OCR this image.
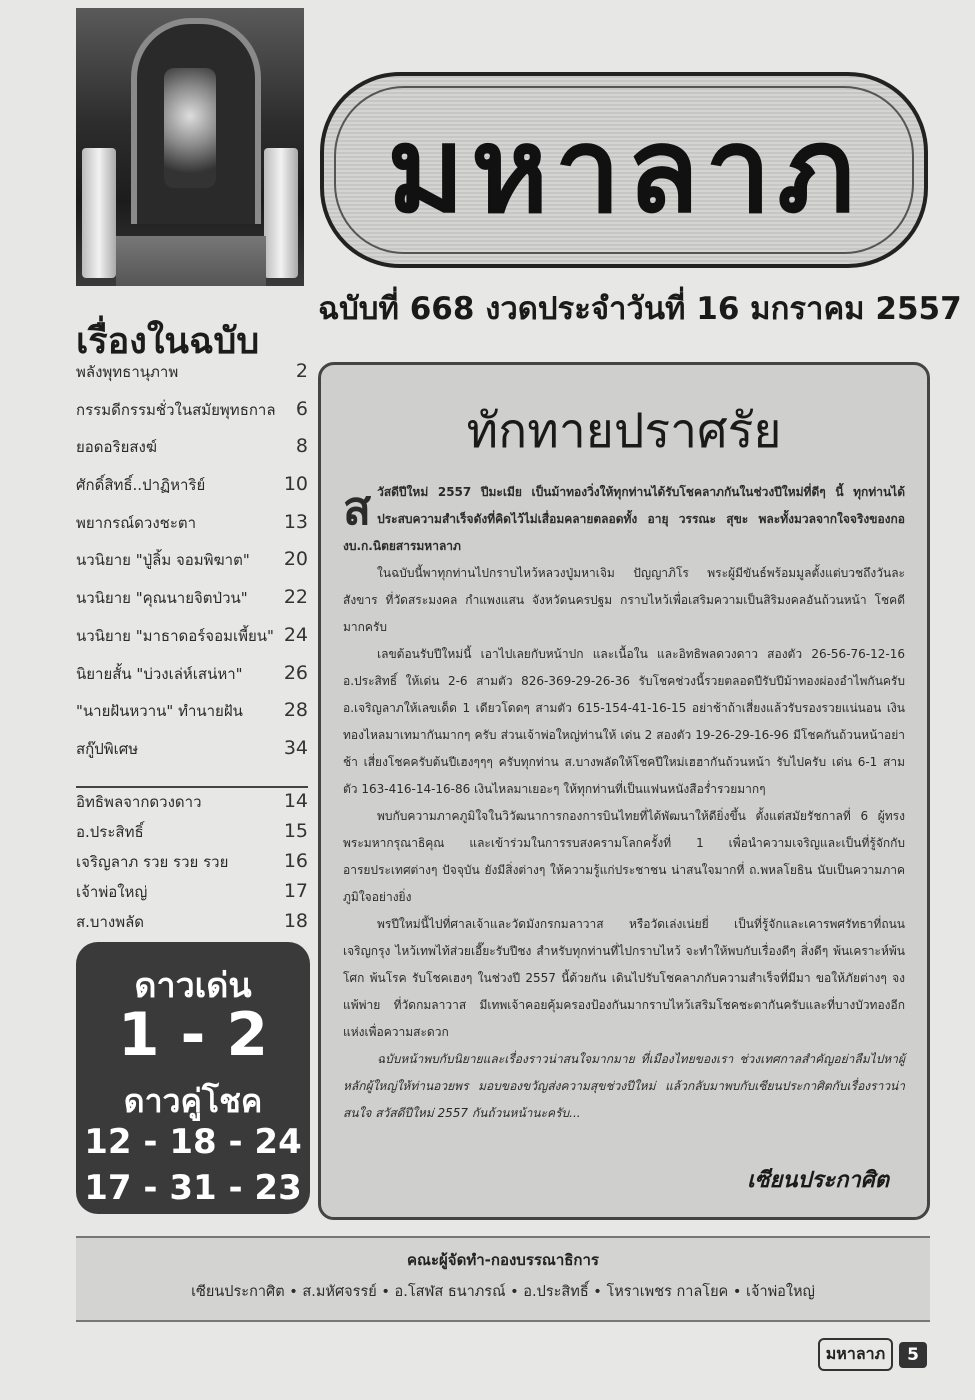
มหาลาภ
ฉบับที่ 668 งวดประจำวันที่ 16 มกราคม 2557
เรื่องในฉบับ
พลังพุทธานุภาพ	2
กรรมดีกรรมชั่วในสมัยพุทธกาล 6
ยอดอริยสงฆ์	8
ศักดิ์สิทธิ์..ปาฏิหาริย์	10
พยากรณ์ดวงชะตา	13
นวนิยาย "ปู่ลิ้ม จอมพิฆาต" 20
นวนิยาย "คุณนายจิตป่วน" 22
นวนิยาย "มาธาดอร์จอมเพี้ยน" 24
นิยายสั้น "บ่วงเล่ห์เสน่หา" 26
"นายฝันหวาน" ทำนายฝัน 28
สกู๊ปพิเศษ	34
อิทธิพลจากดวงดาว	14
อ.ประสิทธิ์	15
เจริญลาภ รวย รวย รวย	16
เจ้าพ่อใหญ่	17
ส.บางพลัด	18
ดาวเด่น
1 - 2
ดาวคู่โชค
12 - 18 - 24
17 - 31 - 23
ทักทายปราศรัย

สวัสดีปีใหม่ 2557 ปีมะเมีย เป็นม้าทองวิ่งให้ทุกท่านได้รับโชคลาภกันในช่วงปีใหม่ที่ดีๆ นี้ ทุกท่านได้ประสบความสำเร็จดังที่คิดไว้ไม่เสื่อมคลายตลอดทั้ง อายุ วรรณะ สุขะ พละทั้งมวลจากใจจริงของกองบ.ก.นิตยสารมหาลาภ

ในฉบับนี้พาทุกท่านไปกราบไหว้หลวงปู่มหาเจิม ปัญญาภิโร พระผู้มีขันธ์พร้อมมูลตั้งแต่บวชถึงวันละสังขาร ที่วัดสระมงคล กำแพงแสน จังหวัดนครปฐม กราบไหว้เพื่อเสริมความเป็นสิริมงคลอันถ้วนหน้า โชคดีมากครับ

เลขต้อนรับปีใหม่นี้ เอาไปเลยกับหน้าปก และเนื้อใน และอิทธิพลดวงดาว สองตัว 26-56-76-12-16 อ.ประสิทธิ์ ให้เด่น 2-6 สามตัว 826-369-29-26-36 รับโชคช่วงนี้รวยตลอดปีรับปีม้าทองผ่องอำไพกันครับ อ.เจริญลาภให้เลขเด็ด 1 เดียวโดดๆ สามตัว 615-154-41-16-15 อย่าช้าถ้าเสี่ยงแล้วรับรองรวยแน่นอน เงินทองไหลมาเทมากันมากๆ ครับ ส่วนเจ้าพ่อใหญ่ท่านให้ เด่น 2 สองตัว 19-26-29-16-96 มีโชคกันถ้วนหน้าอย่าช้า เสี่ยงโชคครับต้นปีเฮงๆๆๆ ครับทุกท่าน ส.บางพลัดให้โชคปีใหม่เฮฮากันถ้วนหน้า รับไปครับ เด่น 6-1 สามตัว 163-416-14-16-86 เงินไหลมาเยอะๆ ให้ทุกท่านที่เป็นแฟนหนังสือร่ำรวยมากๆ

พบกับความภาคภูมิใจในวิวัฒนาการกองการบินไทยที่ได้พัฒนาให้ดียิ่งขึ้น ตั้งแต่สมัยรัชกาลที่ 6 ผู้ทรงพระมหากรุณาธิคุณ และเข้าร่วมในการรบสงครามโลกครั้งที่ 1 เพื่อนำความเจริญและเป็นที่รู้จักกับอารยประเทศต่างๆ ปัจจุบัน ยังมีสิ่งต่างๆ ให้ความรู้แก่ประชาชน น่าสนใจมากที่ ถ.พหลโยธิน นับเป็นความภาคภูมิใจอย่างยิ่ง

พรปีใหม่นี้ไปที่ศาลเจ้าและวัดมังกรกมลาวาส หรือวัดเล่งเน่ยยี่ เป็นที่รู้จักและเคารพศรัทธาที่ถนนเจริญกรุง ไหว้เทพไท้ส่วยเอี๊ยะรับปีชง สำหรับทุกท่านที่ไปกราบไหว้ จะทำให้พบกับเรื่องดีๆ สิ่งดีๆ พ้นเคราะห์พ้นโศก พ้นโรค รับโชคเฮงๆ ในช่วงปี 2557 นี้ด้วยกัน เดินไปรับโชคลาภกับความสำเร็จที่มีมา ขอให้ภัยต่างๆ จงแพ้พ่าย ที่วัดกมลาวาส มีเทพเจ้าคอยคุ้มครองป้องกันมากราบไหว้เสริมโชคชะตากันครับและที่บางบัวทองอีกแห่งเพื่อความสะดวก

ฉบับหน้าพบกับนิยายและเรื่องราวน่าสนใจมากมาย ที่เมืองไทยของเรา ช่วงเทศกาลสำคัญอย่าลืมไปหาผู้หลักผู้ใหญ่ให้ท่านอวยพร มอบของขวัญส่งความสุขช่วงปีใหม่ แล้วกลับมาพบกับเซียนประกาศิตกับเรื่องราวน่าสนใจ สวัสดีปีใหม่ 2557 กันถ้วนหน้านะครับ...

เซียนประกาศิต
คณะผู้จัดทำ-กองบรรณาธิการ
เซียนประกาศิต • ส.มหัศจรรย์ • อ.โสฬส ธนาภรณ์ • อ.ประสิทธิ์ • โหราเพชร กาลโยค • เจ้าพ่อใหญ่
มหาลาภ	5
